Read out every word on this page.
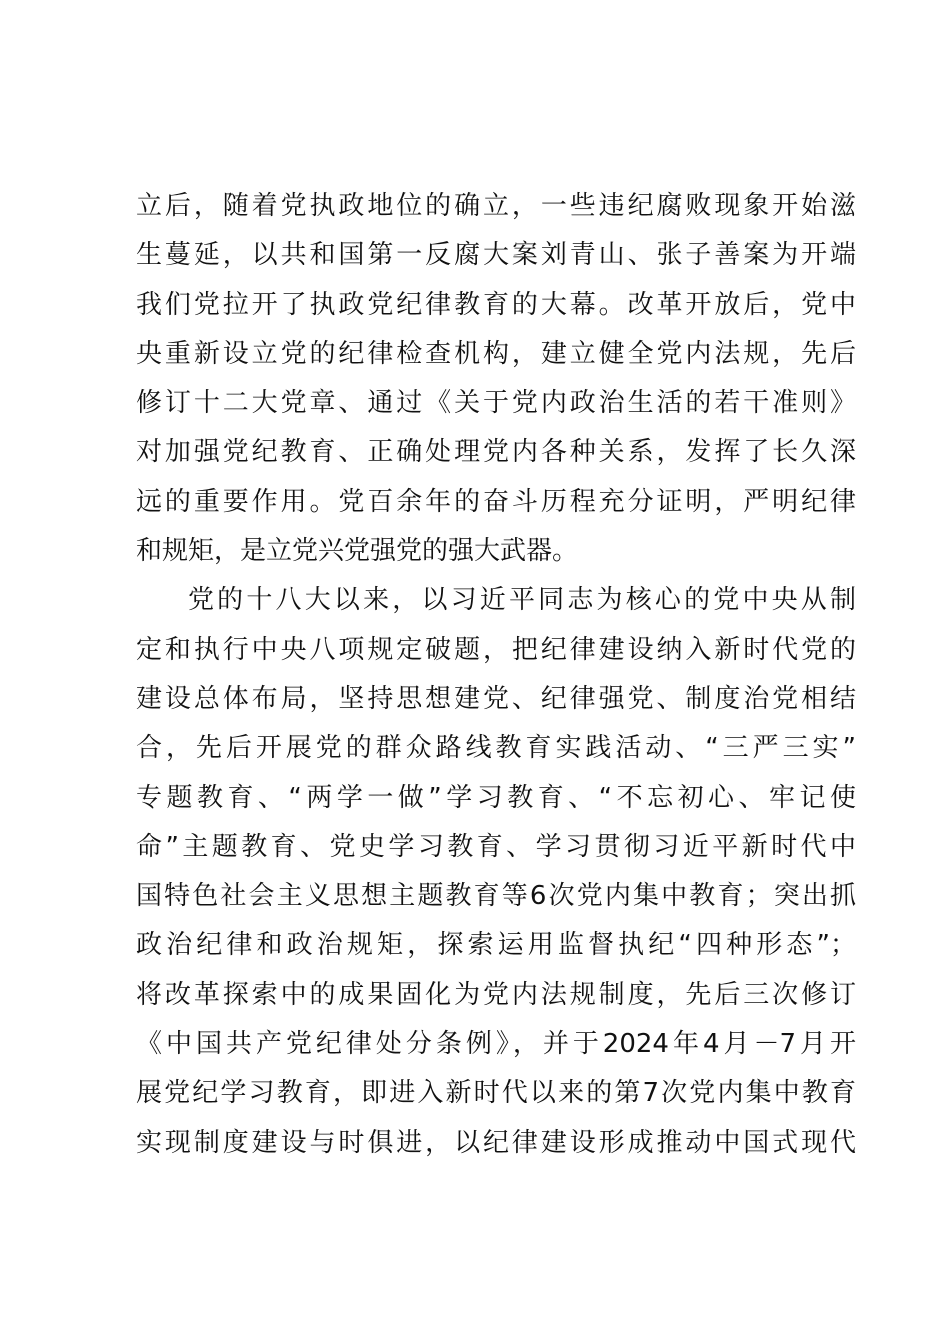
立后，随着党执政地位的确立，一些违纪腐败现象开始滋
生蔓延，以共和国第一反腐大案刘青山、张子善案为开端
我们党拉开了执政党纪律教育的大幕。改革开放后，党中
央重新设立党的纪律检查机构，建立健全党内法规，先后
修订十二大党章、通过《关于党内政治生活的若干准则》
对加强党纪教育、正确处理党内各种关系，发挥了长久深
远的重要作用。党百余年的奋斗历程充分证明，严明纪律
和规矩，是立党兴党强党的强大武器。
党的十八大以来，以习近平同志为核心的党中央从制
定和执行中央八项规定破题，把纪律建设纳入新时代党的
建设总体布局，坚持思想建党、纪律强党、制度治党相结
合，先后开展党的群众路线教育实践活动、“三严三实”
专题教育、“两学一做”学习教育、“不忘初心、牢记使
命”主题教育、党史学习教育、学习贯彻习近平新时代中
国特色社会主义思想主题教育等6次党内集中教育；突出抓
政治纪律和政治规矩，探索运用监督执纪“四种形态”；
将改革探索中的成果固化为党内法规制度，先后三次修订
《中国共产党纪律处分条例》，并于2024年4月－7月开
展党纪学习教育，即进入新时代以来的第7次党内集中教育
实现制度建设与时俱进，以纪律建设形成推动中国式现代
